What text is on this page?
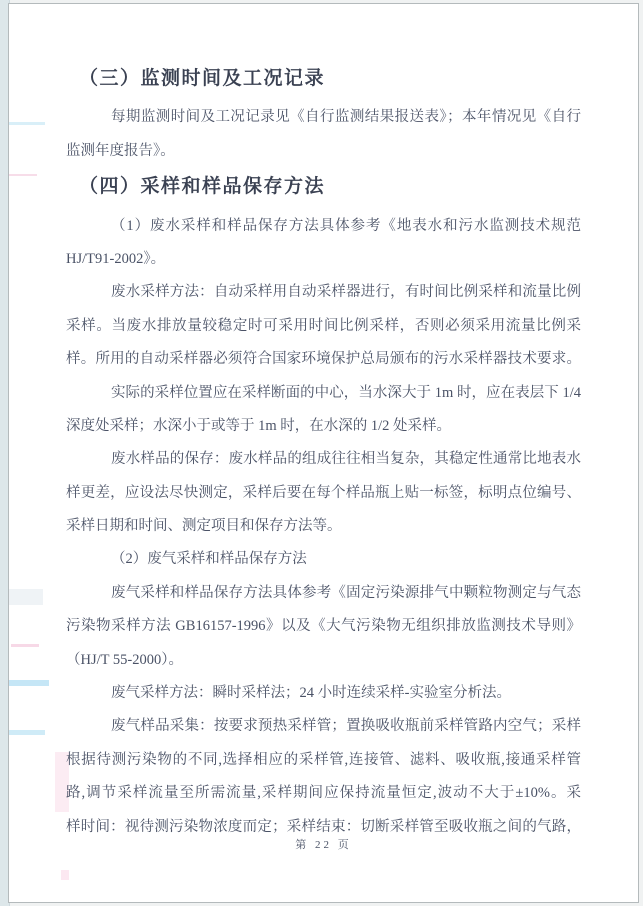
（三）监测时间及工况记录
每期监测时间及工况记录见《自行监测结果报送表》；本年情况见《自行
监测年度报告》。
（四）采样和样品保存方法
（1）废水采样和样品保存方法具体参考《地表水和污水监测技术规范
HJ/T91-2002》。
废水采样方法：自动采样用自动采样器进行，有时间比例采样和流量比例
采样。当废水排放量较稳定时可采用时间比例采样，否则必须采用流量比例采
样。所用的自动采样器必须符合国家环境保护总局颁布的污水采样器技术要求。
实际的采样位置应在采样断面的中心，当水深大于 1m 时，应在表层下 1/4
深度处采样；水深小于或等于 1m 时，在水深的 1/2 处采样。
废水样品的保存：废水样品的组成往往相当复杂，其稳定性通常比地表水
样更差，应设法尽快测定，采样后要在每个样品瓶上贴一标签，标明点位编号、
采样日期和时间、测定项目和保存方法等。
（2）废气采样和样品保存方法
废气采样和样品保存方法具体参考《固定污染源排气中颗粒物测定与气态
污染物采样方法 GB16157-1996》以及《大气污染物无组织排放监测技术导则》
（HJ/T 55-2000）。
废气采样方法：瞬时采样法；24 小时连续采样-实验室分析法。
废气样品采集：按要求预热采样管；置换吸收瓶前采样管路内空气；采样
根据待测污染物的不同,选择相应的采样管,连接管、滤料、吸收瓶,接通采样管
路,调节采样流量至所需流量,采样期间应保持流量恒定,波动不大于±10%。采
样时间：视待测污染物浓度而定；采样结束：切断采样管至吸收瓶之间的气路，
第 22 页
